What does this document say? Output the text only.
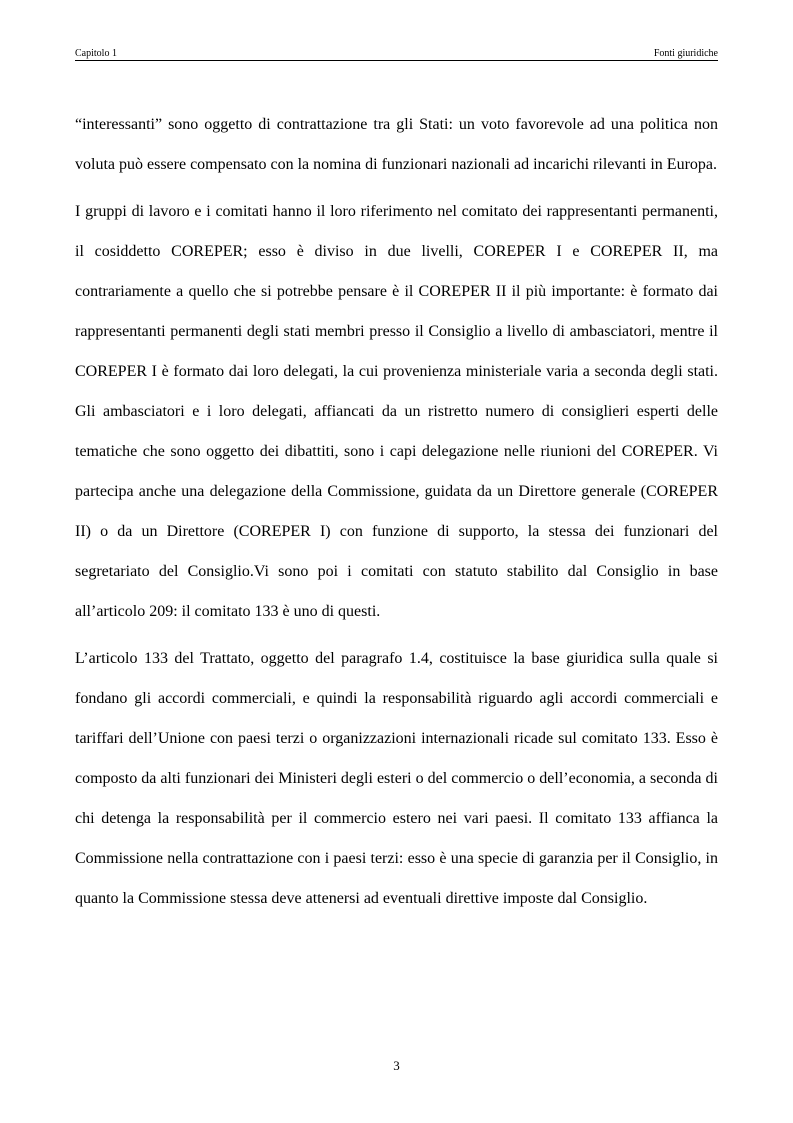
Capitolo 1	Fonti giuridiche

“interessanti” sono oggetto di contrattazione tra gli Stati: un voto favorevole ad una politica non voluta può essere compensato con la nomina di funzionari nazionali ad incarichi rilevanti in Europa.

I gruppi di lavoro e i comitati hanno il loro riferimento nel comitato dei rappresentanti permanenti, il cosiddetto COREPER; esso è diviso in due livelli, COREPER I e COREPER II, ma contrariamente a quello che si potrebbe pensare è il COREPER II il più importante: è formato dai rappresentanti permanenti degli stati membri presso il Consiglio a livello di ambasciatori, mentre il COREPER I è formato dai loro delegati, la cui provenienza ministeriale varia a seconda degli stati. Gli ambasciatori e i loro delegati, affiancati da un ristretto numero di consiglieri esperti delle tematiche che sono oggetto dei dibattiti, sono i capi delegazione nelle riunioni del COREPER. Vi partecipa anche una delegazione della Commissione, guidata da un Direttore generale (COREPER II) o da un Direttore (COREPER I) con funzione di supporto, la stessa dei funzionari del segretariato del Consiglio.Vi sono poi i comitati con statuto stabilito dal Consiglio in base all’articolo 209: il comitato 133 è uno di questi.

L’articolo 133 del Trattato, oggetto del paragrafo 1.4, costituisce la base giuridica sulla quale si fondano gli accordi commerciali, e quindi la responsabilità riguardo agli accordi commerciali e tariffari dell’Unione con paesi terzi o organizzazioni internazionali ricade sul comitato 133. Esso è composto da alti funzionari dei Ministeri degli esteri o del commercio o dell’economia, a seconda di chi detenga la responsabilità per il commercio estero nei vari paesi. Il comitato 133 affianca la Commissione nella contrattazione con i paesi terzi: esso è una specie di garanzia per il Consiglio, in quanto la Commissione stessa deve attenersi ad eventuali direttive imposte dal Consiglio.

3
